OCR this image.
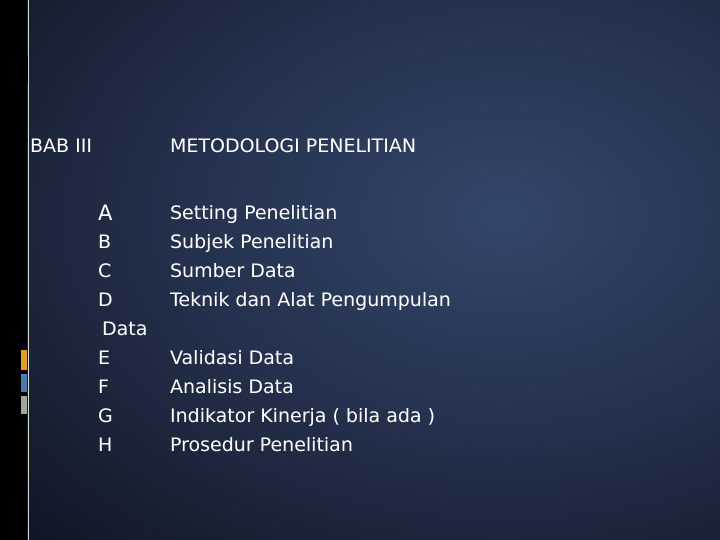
BAB III	METODOLOGI PENELITIAN
A	Setting Penelitian
B	Subjek Penelitian
C	Sumber Data
D	Teknik dan Alat Pengumpulan
Data
E	Validasi Data
F	Analisis Data
G	Indikator Kinerja ( bila ada )
H	Prosedur Penelitian
